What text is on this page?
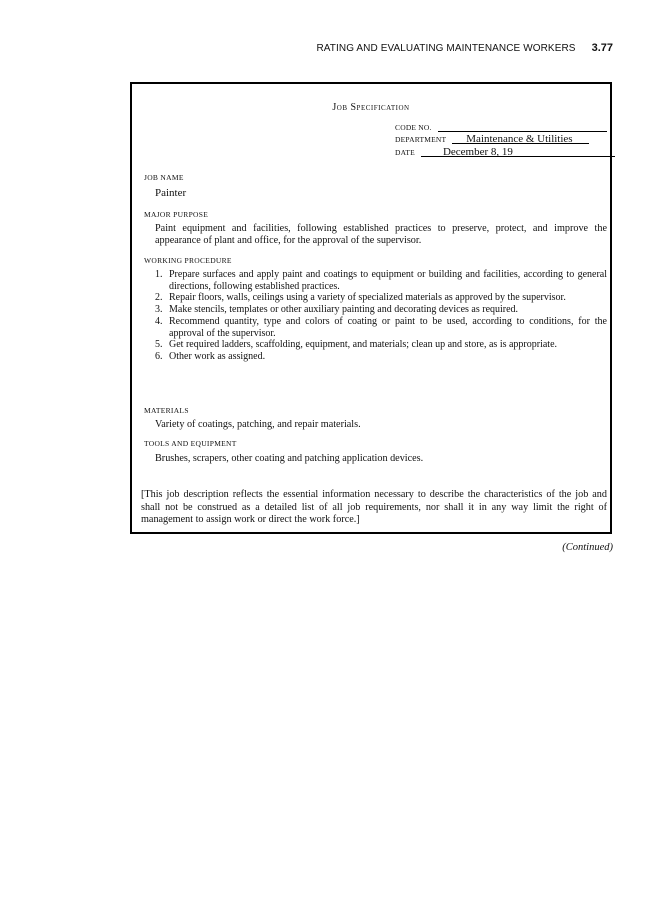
RATING AND EVALUATING MAINTENANCE WORKERS 3.77
Job Specification
CODE NO.
DEPARTMENT	Maintenance & Utilities
DATE	December 8, 19
JOB NAME
Painter
MAJOR PURPOSE
Paint equipment and facilities, following established practices to preserve, protect, and improve the appearance of plant and office, for the approval of the supervisor.
WORKING PROCEDURE
1. Prepare surfaces and apply paint and coatings to equipment or building and facilities, according to general directions, following established practices.
2. Repair floors, walls, ceilings using a variety of specialized materials as approved by the supervisor.
3. Make stencils, templates or other auxiliary painting and decorating devices as required.
4. Recommend quantity, type and colors of coating or paint to be used, according to conditions, for the approval of the supervisor.
5. Get required ladders, scaffolding, equipment, and materials; clean up and store, as is appropriate.
6. Other work as assigned.
MATERIALS
Variety of coatings, patching, and repair materials.
TOOLS AND EQUIPMENT
Brushes, scrapers, other coating and patching application devices.
[This job description reflects the essential information necessary to describe the characteristics of the job and shall not be construed as a detailed list of all job requirements, nor shall it in any way limit the right of management to assign work or direct the work force.]
(Continued)
